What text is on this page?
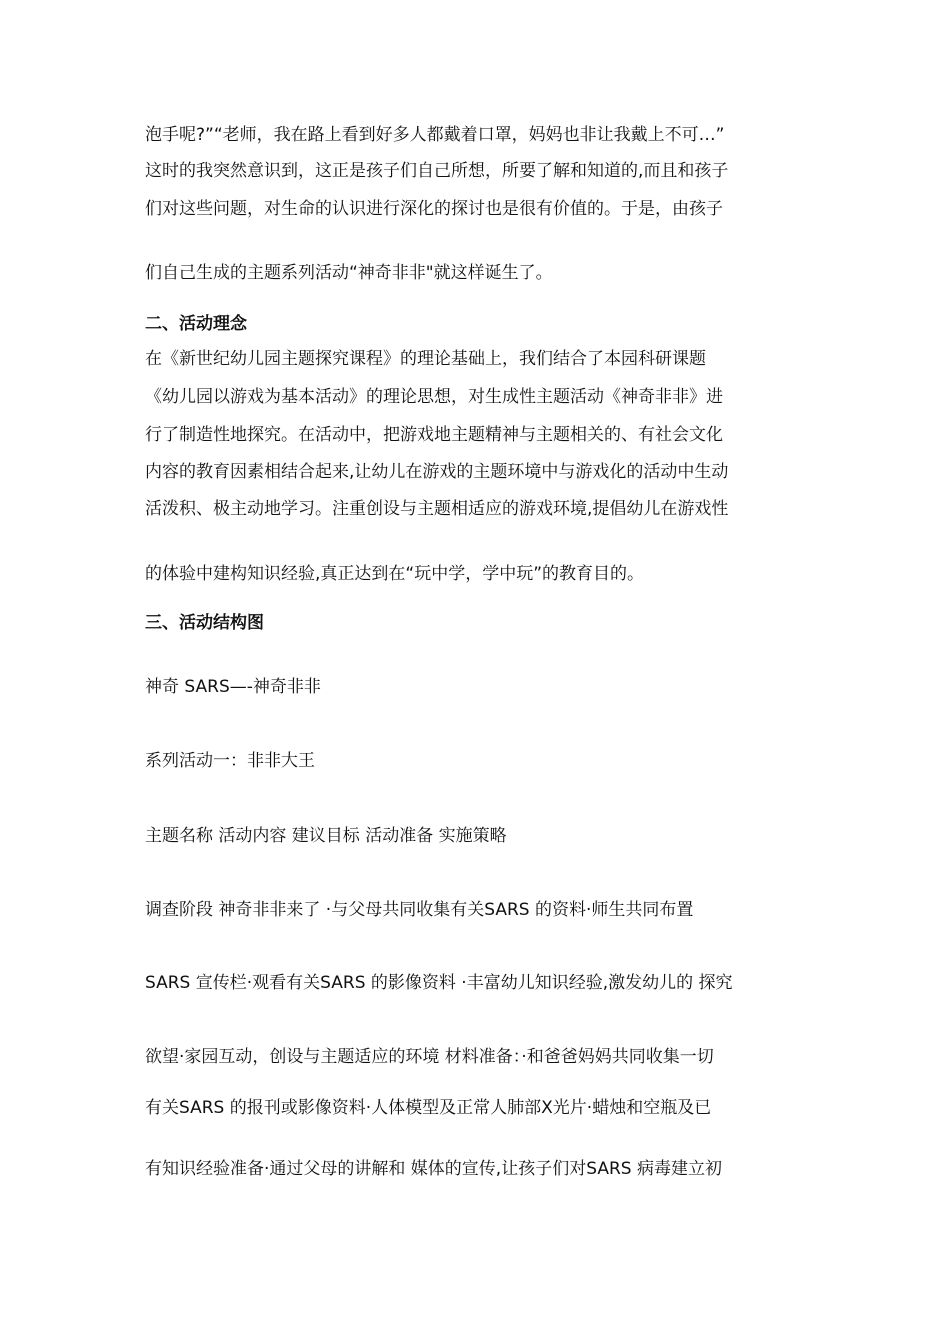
泡手呢?”“老师，我在路上看到好多人都戴着口罩，妈妈也非让我戴上不可…”
这时的我突然意识到，这正是孩子们自己所想，所要了解和知道的,而且和孩子
们对这些问题，对生命的认识进行深化的探讨也是很有价值的。于是，由孩子
们自己生成的主题系列活动“神奇非非"就这样诞生了。
二、活动理念
在《新世纪幼儿园主题探究课程》的理论基础上，我们结合了本园科研课题
《幼儿园以游戏为基本活动》的理论思想，对生成性主题活动《神奇非非》进
行了制造性地探究。在活动中，把游戏地主题精神与主题相关的、有社会文化
内容的教育因素相结合起来,让幼儿在游戏的主题环境中与游戏化的活动中生动
活泼积、极主动地学习。注重创设与主题相适应的游戏环境,提倡幼儿在游戏性
的体验中建构知识经验,真正达到在“玩中学，学中玩”的教育目的。
三、活动结构图
神奇 SARS—-神奇非非
系列活动一：非非大王
主题名称 活动内容 建议目标 活动准备 实施策略
调查阶段 神奇非非来了 ·与父母共同收集有关SARS 的资料·师生共同布置
SARS 宣传栏·观看有关SARS 的影像资料 ·丰富幼儿知识经验,激发幼儿的 探究
欲望·家园互动，创设与主题适应的环境 材料准备：·和爸爸妈妈共同收集一切
有关SARS 的报刊或影像资料·人体模型及正常人肺部X光片·蜡烛和空瓶及已
有知识经验准备·通过父母的讲解和 媒体的宣传,让孩子们对SARS 病毒建立初
